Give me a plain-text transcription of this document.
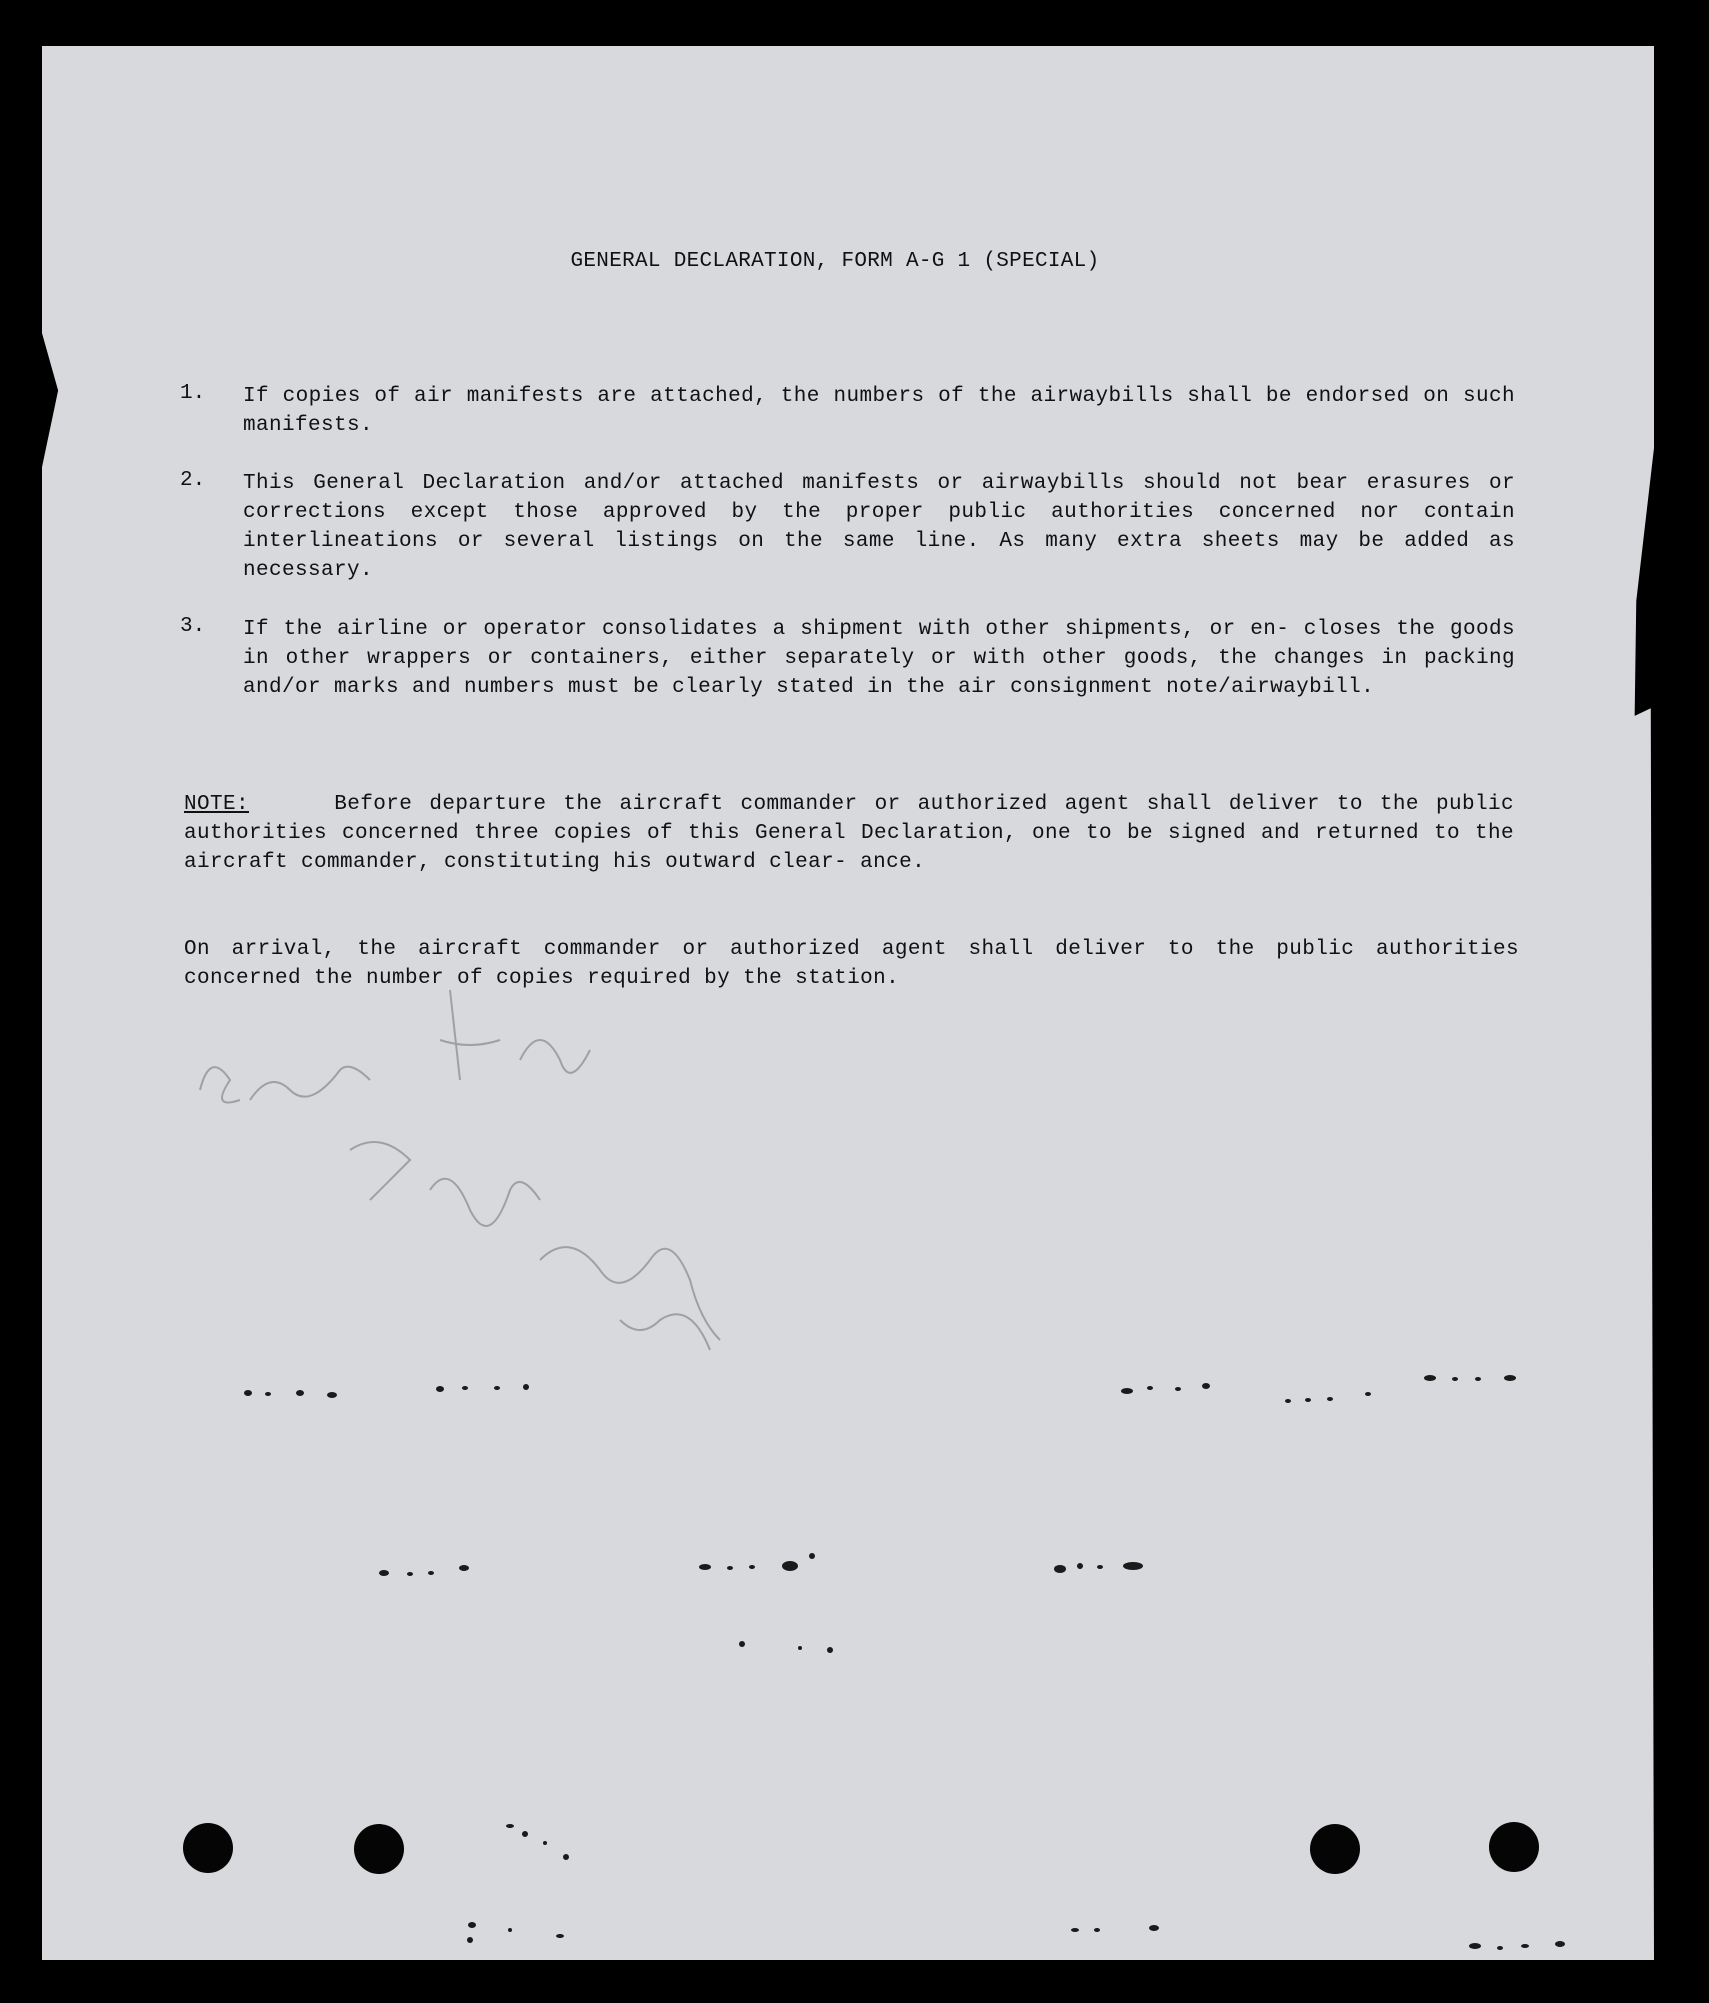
GENERAL DECLARATION, FORM A-G 1 (SPECIAL)
1. If copies of air manifests are attached, the numbers of the airwaybills shall be endorsed on such manifests.
2. This General Declaration and/or attached manifests or airwaybills should not bear erasures or corrections except those approved by the proper public authorities concerned nor contain interlineations or several listings on the same line. As many extra sheets may be added as necessary.
3. If the airline or operator consolidates a shipment with other shipments, or en- closes the goods in other wrappers or containers, either separately or with other goods, the changes in packing and/or marks and numbers must be clearly stated in the air consignment note/airwaybill.
NOTE:	Before departure the aircraft commander or authorized agent shall deliver to the public authorities concerned three copies of this General Declaration, one to be signed and returned to the aircraft commander, constituting his outward clear- ance.
On arrival, the aircraft commander or authorized agent shall deliver to the public authorities concerned the number of copies required by the station.
